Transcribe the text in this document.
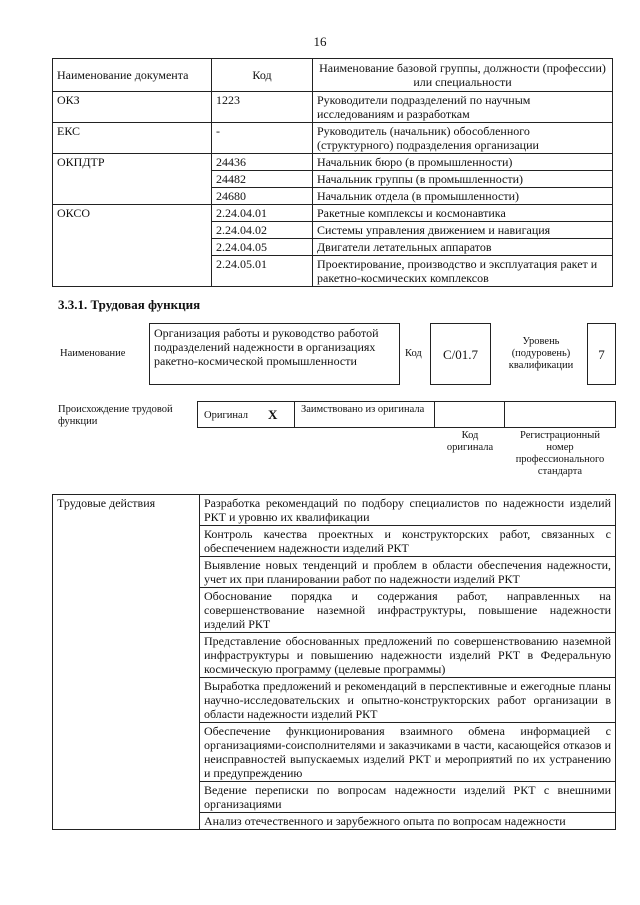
16
Наименование документа	Код	Наименование базовой группы, должности (профессии) или специальности
ОКЗ	1223	Руководители подразделений по научным исследованиям и разработкам
ЕКС	-	Руководитель (начальник) обособленного (структурного) подразделения организации
ОКПДТР	24436	Начальник бюро (в промышленности)
	24482	Начальник группы (в промышленности)
	24680	Начальник отдела (в промышленности)
ОКСО	2.24.04.01	Ракетные комплексы и космонавтика
	2.24.04.02	Системы управления движением и навигация
	2.24.04.05	Двигатели летательных аппаратов
	2.24.05.01	Проектирование, производство и эксплуатация ракет и ракетно-космических комплексов
3.3.1. Трудовая функция
Наименование
Организация работы и руководство работой подразделений надежности в организациях ракетно-космической промышленности
Код	C/01.7
Уровень (подуровень) квалификации
7
Происхождение трудовой функции
Оригинал X Заимствовано из оригинала
Код оригинала
Регистрационный номер профессионального стандарта
Трудовые действия	Разработка рекомендаций по подбору специалистов по надежности изделий РКТ и уровню их квалификации
Контроль качества проектных и конструкторских работ, связанных с обеспечением надежности изделий РКТ
Выявление новых тенденций и проблем в области обеспечения надежности, учет их при планировании работ по надежности изделий РКТ
Обоснование порядка и содержания работ, направленных на совершенствование наземной инфраструктуры, повышение надежности изделий РКТ
Представление обоснованных предложений по совершенствованию наземной инфраструктуры и повышению надежности изделий РКТ в Федеральную космическую программу (целевые программы)
Выработка предложений и рекомендаций в перспективные и ежегодные планы научно-исследовательских и опытно-конструкторских работ организации в области надежности изделий РКТ
Обеспечение функционирования взаимного обмена информацией с организациями-соисполнителями и заказчиками в части, касающейся отказов и неисправностей выпускаемых изделий РКТ и мероприятий по их устранению и предупреждению
Ведение переписки по вопросам надежности изделий РКТ с внешними организациями
Анализ отечественного и зарубежного опыта по вопросам надежности
